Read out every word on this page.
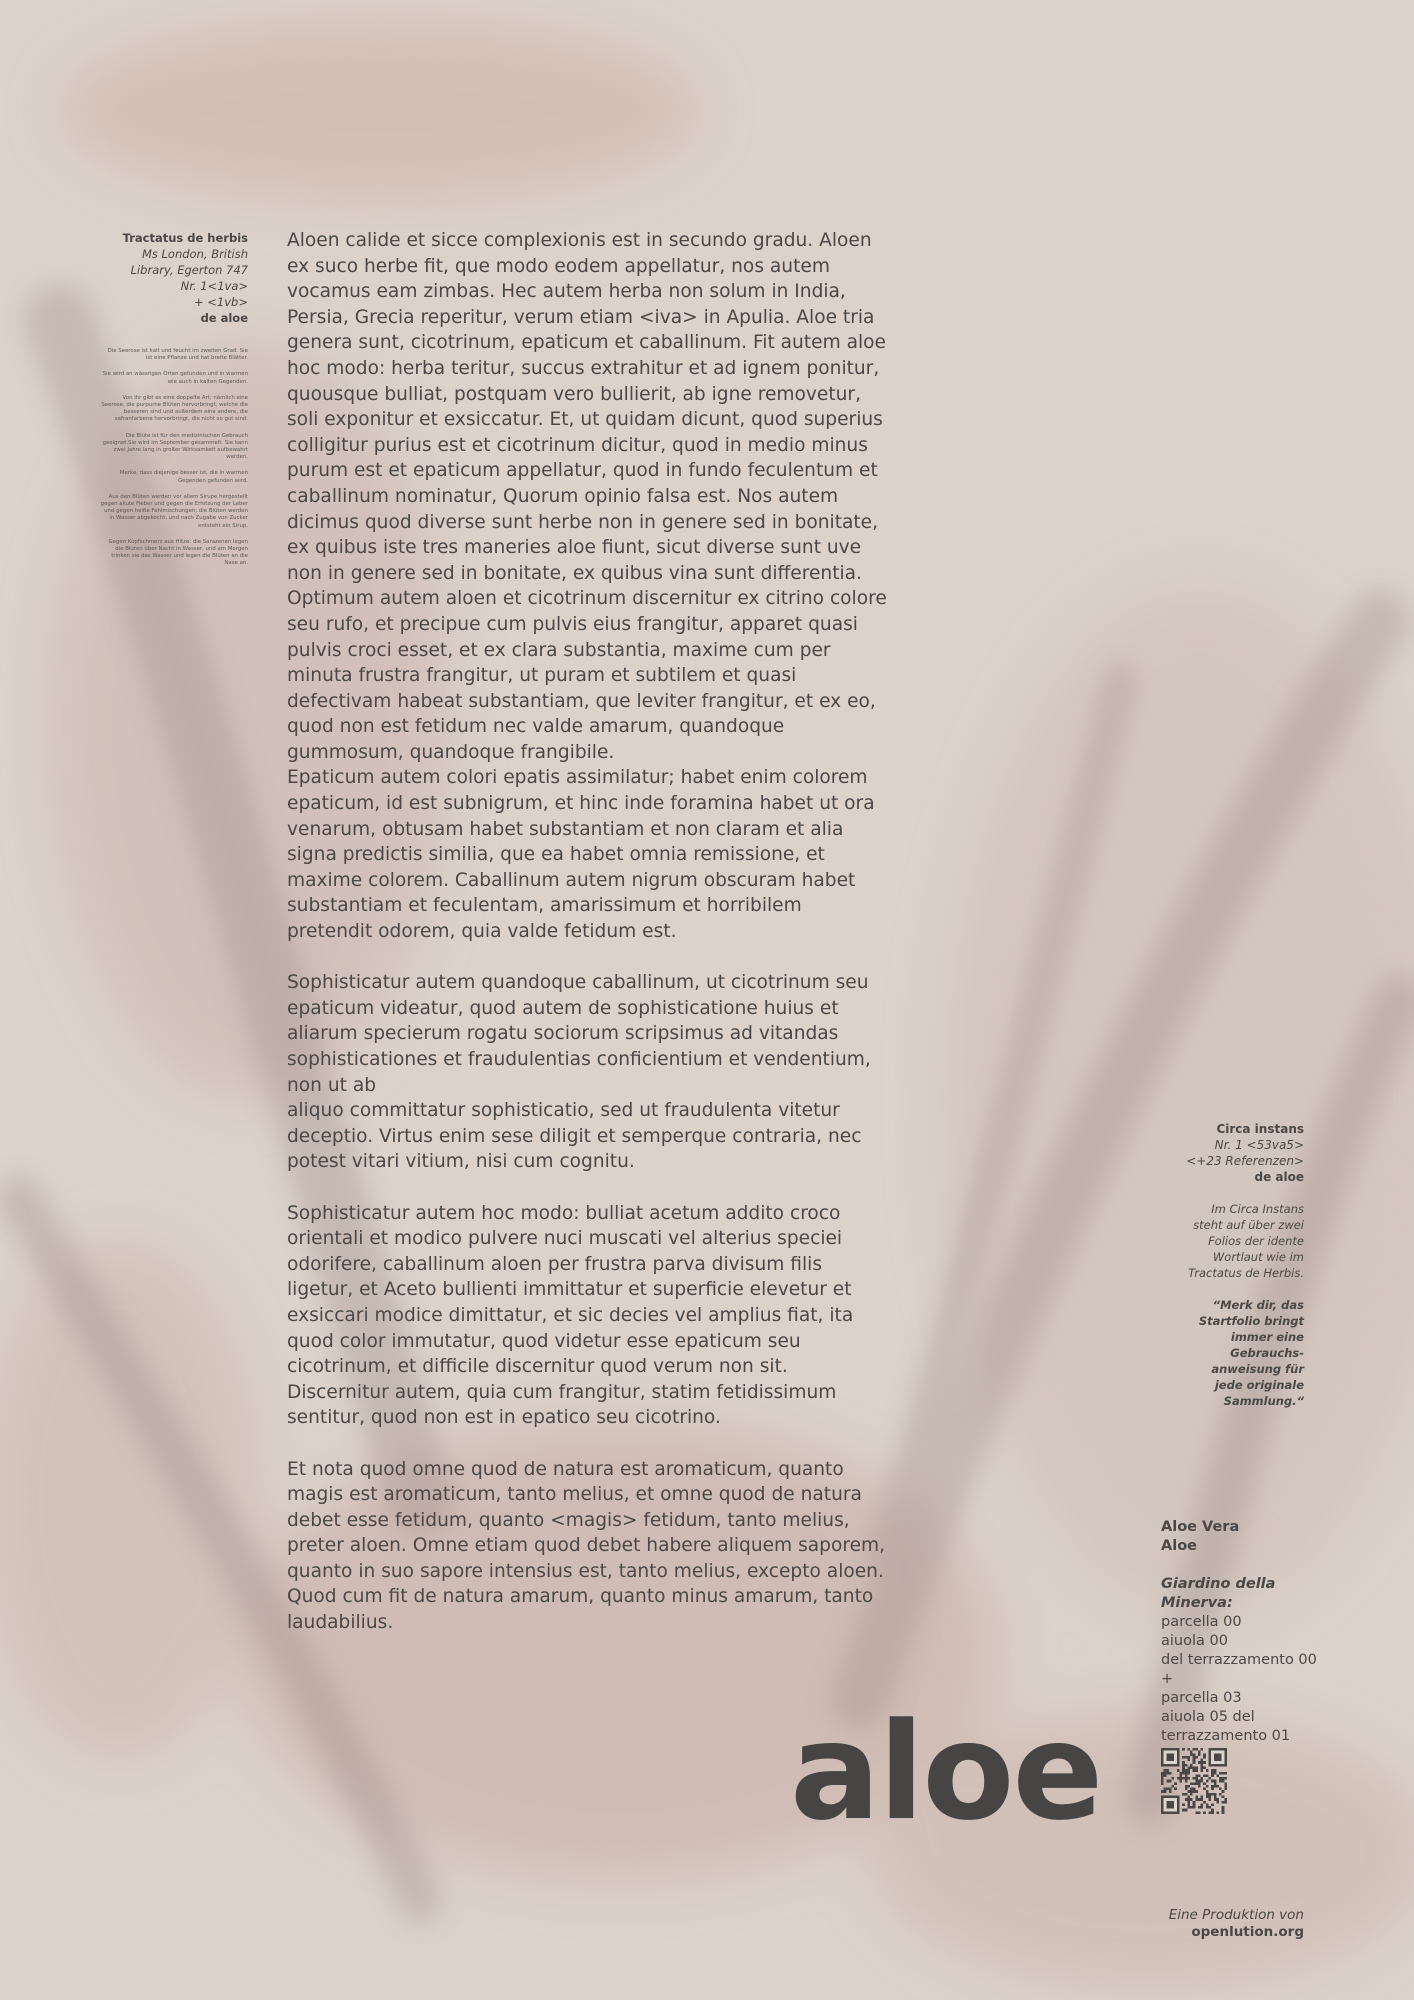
Tractatus de herbis
Ms London, British
Library, Egerton 747
Nr. 1<1va>
+ <1vb>
de aloe

Die Seerose ist kalt und feucht im zweiten Grad. Sie ist eine Pflanze und hat breite Blätter.

Sie wird an wässrigen Orten gefunden und in warmen wie auch in kalten Gegenden.

Von ihr gibt es eine doppelte Art; nämlich eine Seerose, die purpurne Blüten hervorbringt, welche die besseren sind und außerdem eine andere, die safranfarbene hervorbringt, die nicht so gut sind.

Die Blüte ist für den medizinischen Gebrauch geeignet.Sie wird im September gesammelt. Sie kann zwei Jahre lang in großer Wirksamkeit aufbewahrt werden.

Merke, dass diejenige besser ist, die in warmen Gegenden gefunden wird.

Aus den Blüten werden vor allem Sirupe hergestellt gegen akute Fieber und gegen die Erhitzung der Leber und gegen heiße Fehlmischungen; die Blüten werden in Wasser abgekocht, und nach Zugabe von Zucker entsteht ein Sirup.

Gegen Kopfschmerz aus Hitze: die Sarazenen legen die Blüten über Nacht in Wasser, und am Morgen trinken sie das Wasser und legen die Blüten an die Nase an.

Aloen calide et sicce complexionis est in secundo gradu. Aloen ex suco herbe fit, que modo eodem appellatur, nos autem vocamus eam zimbas. Hec autem herba non solum in India, Persia, Grecia reperitur, verum etiam <iva> in Apulia. Aloe tria genera sunt, cicotrinum, epaticum et caballinum. Fit autem aloe hoc modo: herba teritur, succus extrahitur et ad ignem ponitur, quousque bulliat, postquam vero bullierit, ab igne removetur, soli exponitur et exsiccatur. Et, ut quidam dicunt, quod superius colligitur purius est et cicotrinum dicitur, quod in medio minus purum est et epaticum appellatur, quod in fundo feculentum et caballinum nominatur, Quorum opinio falsa est. Nos autem dicimus quod diverse sunt herbe non in genere sed in bonitate, ex quibus iste tres maneries aloe fiunt, sicut diverse sunt uve non in genere sed in bonitate, ex quibus vina sunt differentia. Optimum autem aloen et cicotrinum discernitur ex citrino colore seu rufo, et precipue cum pulvis eius frangitur, apparet quasi pulvis croci esset, et ex clara substantia, maxime cum per minuta frustra frangitur, ut puram et subtilem et quasi defectivam habeat substantiam, que leviter frangitur, et ex eo, quod non est fetidum nec valde amarum, quandoque gummosum, quandoque frangibile.
Epaticum autem colori epatis assimilatur; habet enim colorem epaticum, id est subnigrum, et hinc inde foramina habet ut ora venarum, obtusam habet substantiam et non claram et alia signa predictis similia, que ea habet omnia remissione, et maxime colorem. Caballinum autem nigrum obscuram habet substantiam et feculentam, amarissimum et horribilem pretendit odorem, quia valde fetidum est.

Sophisticatur autem quandoque caballinum, ut cicotrinum seu epaticum videatur, quod autem de sophisticatione huius et aliarum specierum rogatu sociorum scripsimus ad vitandas sophisticationes et fraudulentias conficientium et vendentium, non ut ab
aliquo committatur sophisticatio, sed ut fraudulenta vitetur deceptio. Virtus enim sese diligit et semperque contraria, nec potest vitari vitium, nisi cum cognitu.

Sophisticatur autem hoc modo: bulliat acetum addito croco orientali et modico pulvere nuci muscati vel alterius speciei odorifere, caballinum aloen per frustra parva divisum filis ligetur, et Aceto bullienti immittatur et superficie elevetur et exsiccari modice dimittatur, et sic decies vel amplius fiat, ita quod color immutatur, quod videtur esse epaticum seu cicotrinum, et difficile discernitur quod verum non sit. Discernitur autem, quia cum frangitur, statim fetidissimum sentitur, quod non est in epatico seu cicotrino.

Et nota quod omne quod de natura est aromaticum, quanto magis est aromaticum, tanto melius, et omne quod de natura debet esse fetidum, quanto <magis> fetidum, tanto melius, preter aloen. Omne etiam quod debet habere aliquem saporem, quanto in suo sapore intensius est, tanto melius, excepto aloen. Quod cum fit de natura amarum, quanto minus amarum, tanto laudabilius.

Circa instans
Nr. 1 <53va5>
<+23 Referenzen>
de aloe
Im Circa Instans
steht auf über zwei
Folios der idente
Wortlaut wie im
Tractatus de Herbis.
“Merk dir, das
Startfolio bringt
immer eine
Gebrauchs-
anweisung für
jede originale
Sammlung.“
Aloe Vera
Aloe
Giardino della Minerva:
parcella 00
aiuola 00
del terrazzamento 00
+
parcella 03
aiuola 05 del
terrazzamento 01
aloe
Eine Produktion von
openlution.org
